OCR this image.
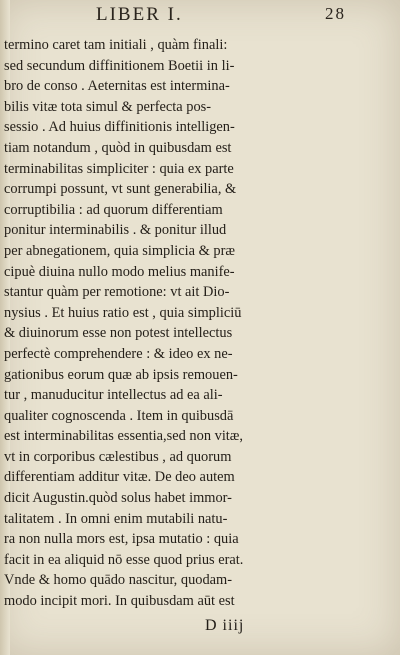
LIBER I.	28
termino caret tam initiali , quàm finali:
sed secundum diffinitionem Boetii in li-
bro de conso . Aeternitas est intermina-
bilis vitæ tota simul & perfecta pos-
sessio . Ad huius diffinitionis intelligen-
tiam notandum , quòd in quibusdam est
terminabilitas simpliciter : quia ex parte
corrumpi possunt, vt sunt generabilia, &
corruptibilia : ad quorum differentiam
ponitur interminabilis . & ponitur illud
per abnegationem, quia simplicia & præ
cipuè diuina nullo modo melius manife-
stantur quàm per remotione: vt ait Dio-
nysius . Et huius ratio est , quia simpliciū
& diuinorum esse non potest intellectus
perfectè comprehendere : & ideo ex ne-
gationibus eorum quæ ab ipsis remouen-
tur , manuducitur intellectus ad ea ali-
qualiter cognoscenda . Item in quibusdā
est interminabilitas essentia,sed non vitæ,
vt in corporibus cælestibus , ad quorum
differentiam additur vitæ. De deo autem
dicit Augustin.quòd solus habet immor-
talitatem . In omni enim mutabili natu-
ra non nulla mors est, ipsa mutatio : quia
facit in ea aliquid nō esse quod prius erat.
Vnde & homo quādo nascitur, quodam-
modo incipit mori. In quibusdam aūt est
D iiij
